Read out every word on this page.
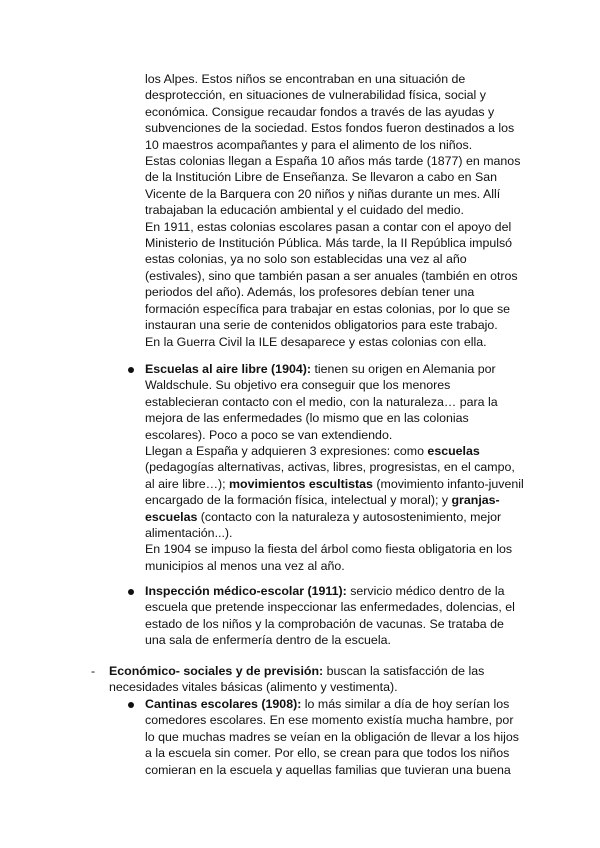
los Alpes. Estos niños se encontraban en una situación de desprotección, en situaciones de vulnerabilidad física, social y económica. Consigue recaudar fondos a través de las ayudas y subvenciones de la sociedad. Estos fondos fueron destinados a los 10 maestros acompañantes y para el alimento de los niños.

Estas colonias llegan a España 10 años más tarde (1877) en manos de la Institución Libre de Enseñanza. Se llevaron a cabo en San Vicente de la Barquera con 20 niños y niñas durante un mes. Allí trabajaban la educación ambiental y el cuidado del medio.

En 1911, estas colonias escolares pasan a contar con el apoyo del Ministerio de Institución Pública. Más tarde, la II República impulsó estas colonias, ya no solo son establecidas una vez al año (estivales), sino que también pasan a ser anuales (también en otros periodos del año). Además, los profesores debían tener una formación específica para trabajar en estas colonias, por lo que se instauran una serie de contenidos obligatorios para este trabajo.

En la Guerra Civil la ILE desaparece y estas colonias con ella.

Escuelas al aire libre (1904): tienen su origen en Alemania por Waldschule. Su objetivo era conseguir que los menores establecieran contacto con el medio, con la naturaleza… para la mejora de las enfermedades (lo mismo que en las colonias escolares). Poco a poco se van extendiendo.

Llegan a España y adquieren 3 expresiones: como escuelas (pedagogías alternativas, activas, libres, progresistas, en el campo, al aire libre…); movimientos escultistas (movimiento infanto-juvenil encargado de la formación física, intelectual y moral); y granjas-escuelas (contacto con la naturaleza y autosostenimiento, mejor alimentación...).

En 1904 se impuso la fiesta del árbol como fiesta obligatoria en los municipios al menos una vez al año.

Inspección médico-escolar (1911): servicio médico dentro de la escuela que pretende inspeccionar las enfermedades, dolencias, el estado de los niños y la comprobación de vacunas. Se trataba de una sala de enfermería dentro de la escuela.

- Económico- sociales y de previsión: buscan la satisfacción de las necesidades vitales básicas (alimento y vestimenta).

Cantinas escolares (1908): lo más similar a día de hoy serían los comedores escolares. En ese momento existía mucha hambre, por lo que muchas madres se veían en la obligación de llevar a los hijos a la escuela sin comer. Por ello, se crean para que todos los niños comieran en la escuela y aquellas familias que tuvieran una buena
